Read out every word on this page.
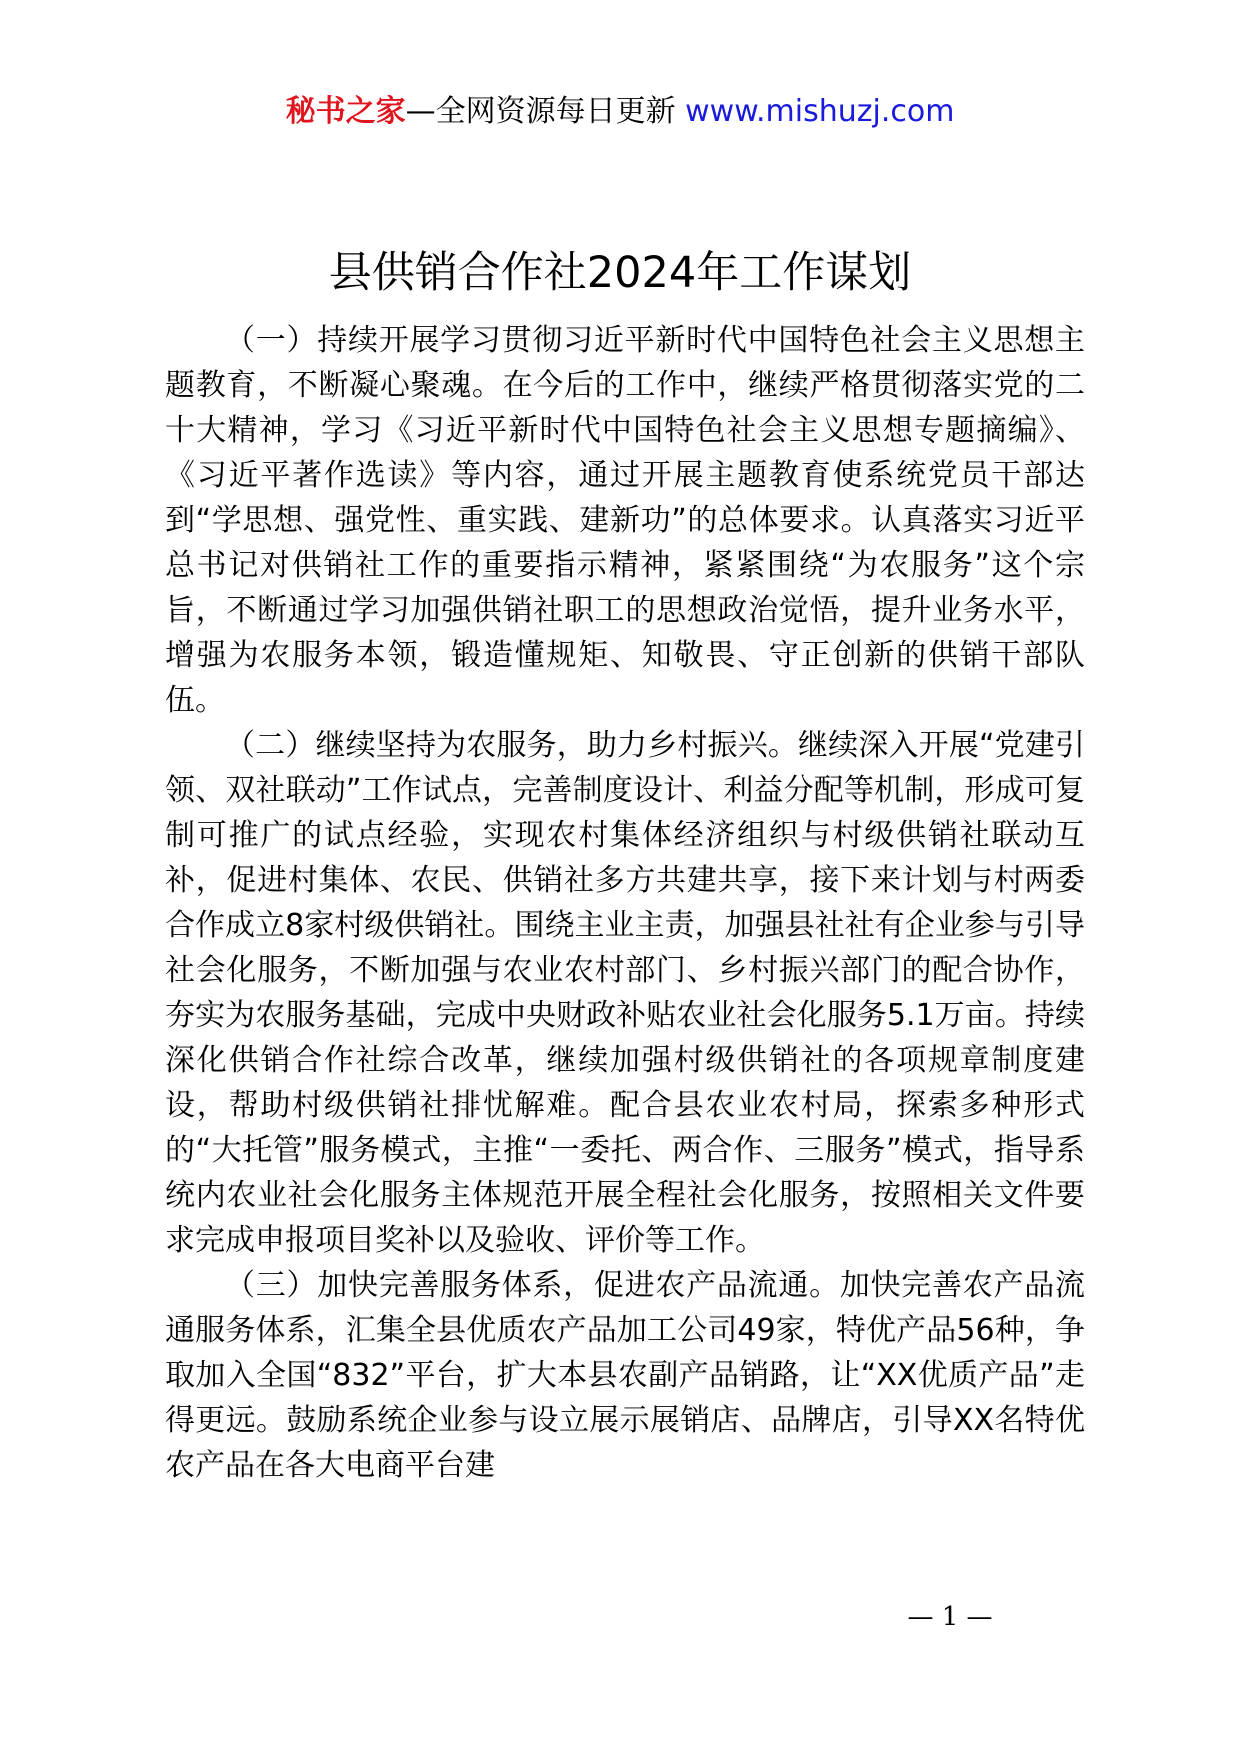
秘书之家—全网资源每日更新 www.mishuzj.com
县供销合作社2024年工作谋划

（一）持续开展学习贯彻习近平新时代中国特色社会主义思想主题教育，不断凝心聚魂。在今后的工作中，继续严格贯彻落实党的二十大精神，学习《习近平新时代中国特色社会主义思想专题摘编》、《习近平著作选读》等内容，通过开展主题教育使系统党员干部达到“学思想、强党性、重实践、建新功”的总体要求。认真落实习近平总书记对供销社工作的重要指示精神，紧紧围绕“为农服务”这个宗旨，不断通过学习加强供销社职工的思想政治觉悟，提升业务水平，增强为农服务本领，锻造懂规矩、知敬畏、守正创新的供销干部队伍。

（二）继续坚持为农服务，助力乡村振兴。继续深入开展“党建引领、双社联动”工作试点，完善制度设计、利益分配等机制，形成可复制可推广的试点经验，实现农村集体经济组织与村级供销社联动互补，促进村集体、农民、供销社多方共建共享，接下来计划与村两委合作成立8家村级供销社。围绕主业主责，加强县社社有企业参与引导社会化服务，不断加强与农业农村部门、乡村振兴部门的配合协作，夯实为农服务基础，完成中央财政补贴农业社会化服务5.1万亩。持续深化供销合作社综合改革，继续加强村级供销社的各项规章制度建设，帮助村级供销社排忧解难。配合县农业农村局，探索多种形式的“大托管”服务模式，主推“一委托、两合作、三服务”模式，指导系统内农业社会化服务主体规范开展全程社会化服务，按照相关文件要求完成申报项目奖补以及验收、评价等工作。

（三）加快完善服务体系，促进农产品流通。加快完善农产品流通服务体系，汇集全县优质农产品加工公司49家，特优产品56种，争取加入全国“832”平台，扩大本县农副产品销路，让“XX优质产品”走得更远。鼓励系统企业参与设立展示展销店、品牌店，引导XX名特优农产品在各大电商平台建

— 1 —
